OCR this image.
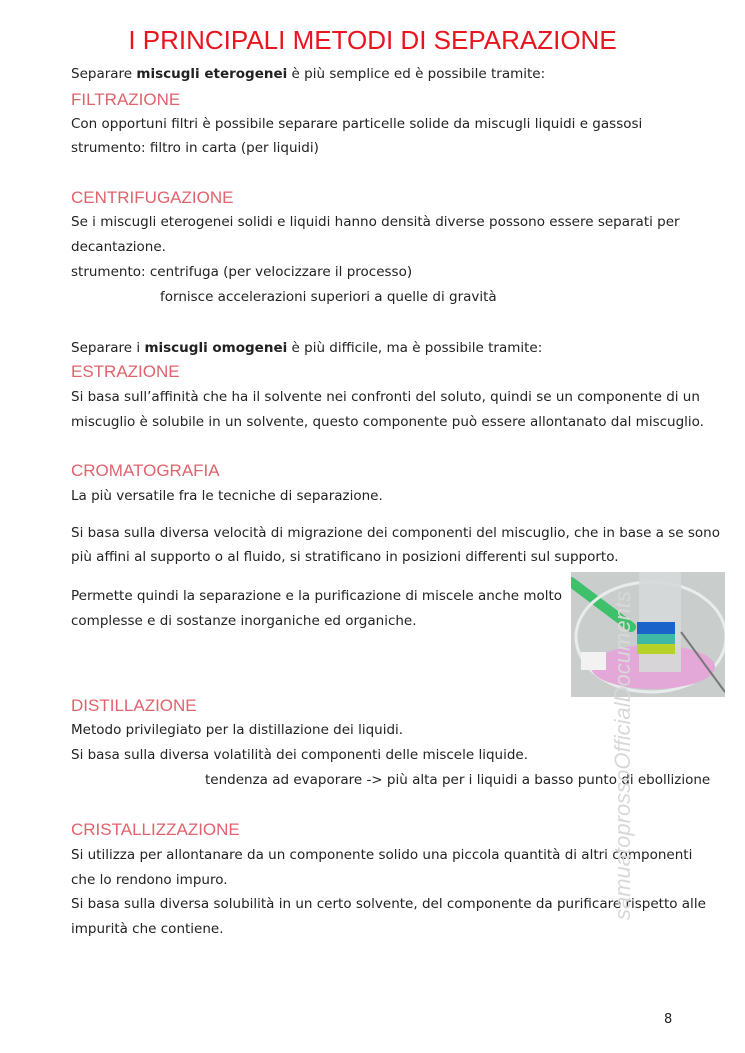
I PRINCIPALI METODI DI SEPARAZIONE
Separare miscugli eterogenei è più semplice ed è possibile tramite:
FILTRAZIONE
Con opportuni filtri è possibile separare particelle solide da miscugli liquidi e gassosi
strumento: filtro in carta (per liquidi)
CENTRIFUGAZIONE
Se i miscugli eterogenei solidi e liquidi hanno densità diverse possono essere separati per
decantazione.
strumento: centrifuga (per velocizzare il processo)
fornisce accelerazioni superiori a quelle di gravità
Separare i miscugli omogenei è più difficile, ma è possibile tramite:
ESTRAZIONE
Si basa sull’affinità che ha il solvente nei confronti del soluto, quindi se un componente di un
miscuglio è solubile in un solvente, questo componente può essere allontanato dal miscuglio.
CROMATOGRAFIA
La più versatile fra le tecniche di separazione.
Si basa sulla diversa velocità di migrazione dei componenti del miscuglio, che in base a se sono
più affini al supporto o al fluido, si stratificano in posizioni differenti sul supporto.
Permette quindi la separazione e la purificazione di miscele anche molto
complesse e di sostanze inorganiche ed organiche.
DISTILLAZIONE
Metodo privilegiato per la distillazione dei liquidi.
Si basa sulla diversa volatilità dei componenti delle miscele liquide.
tendenza ad evaporare -> più alta per i liquidi a basso punto di ebollizione
CRISTALLIZZAZIONE
Si utilizza per allontanare da un componente solido una piccola quantità di altri componenti
che lo rendono impuro.
Si basa sulla diversa solubilità in un certo solvente, del componente da purificare rispetto alle
impurità che contiene.
samuatoprossoOfficialDocuments
8
